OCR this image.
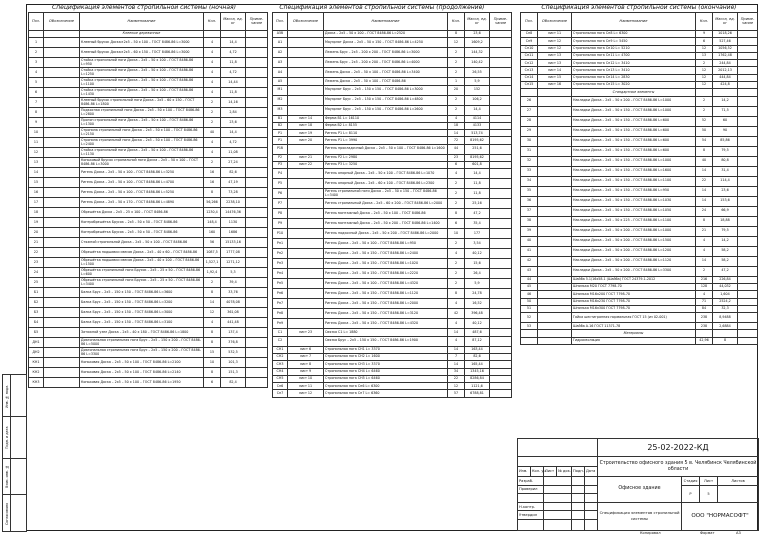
Спецификация элементов стропильной системы (ночная)	Спецификация элементов стропильной системы (продолжение)	Спецификация элементов стропильной системы (окончание)
Поз.	Обозначение	Наименование	Кол.	Масса, ед. кг	Приме-чание
		Клееные деревянные			
1		Клееный брусок Доска×2х5 – 50 х 100 – ГОСТ 8486-86 L=3000	4	14,4	
2		Клееный брусок Доска×2х5 – 60 х 150 – ГОСТ 8486-86 L=3000	4	4,72	
3		Стойка стропильной ноги Доска – 2х5 – 50 х 100 – ГОСТ 8486-86 L=950	4	11,8	
4		Стойка стропильной ноги Доска – 2х5 – 50 х 100 – ГОСТ 8486-86 L=1250	4	4,72	
5		Стойка стропильной ноги Доска – 2х5 – 50 х 100 – ГОСТ 8486-86 L=1100	4	14,44	
6		Стойка стропильной ноги Доска – 2х5 – 50 х 100 – ГОСТ 8486-86 L=1430	4	11,8	
7		Клееный брусок стропильной ноги Доска – 2х5 – 60 х 150 – ГОСТ 8486-86 L=1800	2	14,16	
8		Подкосная стропильной ноги Доска – 2х5 – 50 х 100 – ГОСТ 8486-86 L=2800	2	2,84	
9		Прогон стропильной ноги Доска – 2х5 – 50 х 100 – ГОСТ 8486-86 L=1300	2	23,6	
10		Стропила стропильной ноги Доска – 2х5 – 50 х 100 – ГОСТ 8486-86 L=2150	40	14,4	
11		Стропила стропильной ноги Доска – 2х5 – 50 х 100 – ГОСТ 8486-86 L=2400	4	4,72	
12		Стойка стропильной ноги Доска – 2х5 – 50 х 100 – ГОСТ 8486-86 L=1130	4	11,08	
13		Коньковый брусок стропильной ноги Доска – 2х5 – 50 х 100 – ГОСТ 8486-86 L=3000	2	27,24	
14		Ригель Доска – 2х5 – 50 х 100 – ГОСТ 8486-86 L=3250	16	82,6	
15		Ригель Доска – 2х5 – 50 х 100 – ГОСТ 8486-86 L=4700	16	47,19	
16		Ригель Доска – 2х5 – 50 х 100 – ГОСТ 8486-86 L=5250	8	73,28	
17		Ригель Доска – 2х5 – 50 х 170 – ГОСТ 8486-86 L=4890	56,266	2238,10	
18		Обрешётка Доска – 2х5 – 25 х 100 – ГОСТ 8486-86	1230,4	14476,36	
19		Контробрешётка Брусок – 2х5 – 50 х 50 – ГОСТ 8486-86	148,4	1130	
20		Контробрешётка Брусок – 2х5 – 50 х 50 – ГОСТ 8486-86	160	1686	
21		Стяжной стропильной Доска – 2х5 – 50 х 100 – ГОСТ 8486-86	56	15133,16	
22		Обрешётка подшивки свесов Доска – 2х5 – 40 х 60 – ГОСТ 8486-86	1087,5	1777,08	
23		Обрешётка подшивки свесов Доска – 2х5 – 40 х 100 – ГОСТ 8486-86 L=1500	1,527,1	1271,12	
24		Обрешётка стропильной ноги Брусок – 2х5 – 25 х 50 – ГОСТ 8486-86 L=600	1,92,4	5,3	
25		Обрешётка стропильной ноги Брусок – 2х5 – 25 х 50 – ГОСТ 8486-86 L=3400	2	39,4	
Б1		Балка Брус – 2х5 – 150 х 150 – ГОСТ 8486-86 L=3600	8	33,76	
Б2		Балка Брус – 2х5 – 150 х 150 – ГОСТ 8486-86 L=3200	14	4078,08	
Б3		Балка Брус – 2х5 – 150 х 150 – ГОСТ 8486-86 L=3000	12	361,08	
Б4		Балка Брус – 2х5 – 150 х 150 – ГОСТ 8486-86 L=3100	4	441,48	
Б5		Затяжной узел Доска – 2х5 – 40 х 180 – ГОСТ 8486-86 L=1800	8	137,4	
ДН1		Диагональная стропильная нога Брус – 2х5 – 150 х 200 – ГОСТ 8486-86 L=5000	8	376,8	
ДН2		Диагональная стропильная нога Брус – 2х5 – 150 х 200 – ГОСТ 8486-86 L=3300	15	532,5	
КН1		Коньковая Доска – 2х5 – 50 х 100 – ГОСТ 8486-86 L=2100	10	101,3	
КН2		Коньковая Доска – 2х5 – 50 х 100 – ГОСТ 8486-86 L=2140	8	151,3	
КН3		Коньковая Доска – 2х5 – 50 х 100 – ГОСТ 8486-86 L=1950	6	82,4	
Поз.	Обозначение	Наименование	Кол.	Масса, ед. кг	Приме-чание
А5б		Доска – 2х5 – 50 х 100 – ГОСТ 8486-86 L=2520	8	23,6	
А1		Мауэрлат Доска – 2х5 – 50 х 150 – ГОСТ 8486-86 L=4250	12	1609,2	
А2		Лежень Брус – 2х5 – 200 х 200 – ГОСТ 8486-86 L=3000	2	144,32	
А3		Лежень Брус – 2х5 – 200 х 200 – ГОСТ 8486-86 L=4000	2	140,42	
А4		Лежень Доска – 2х5 – 50 х 100 – ГОСТ 8486-86 L=3400	2	26,55	
А5		Лежень Доска – 2х5 – 50 х 100 – ГОСТ 8486-86	1	5,9	
М1		Мауэрлат Брус – 2х5 – 150 х 150 – ГОСТ 8486-86 L=3000	20	152	
М2		Мауэрлат Брус – 2х5 – 150 х 150 – ГОСТ 8486-86 L=4800	2	106,2	
М3		Мауэрлат Брус – 2х5 – 150 х 150 – ГОСТ 8486-86 L=2600	2	14,4	
В1	лист 14	Ферма В1 L= 16110	4	4114	
В2	лист 18	Ферма В2 L= 8155	18	4133	
Р1	лист 19	Ригель Р1 L= 8110	14	513,74	
Р1	лист 20	Ригель Р1 L= 3990	72	8195,62	
Р1б		Ригель прокладочный Доска – 2х5 – 50 х 100 – ГОСТ 8486-86 L=1600	44	251,6	
Р2	лист 21	Ригель Р2 L= 2980	23	8195,62	
Р3	лист 22	Ригель Р3 L= 3250	6	601,8	
Р4		Ригель опорный Доска – 2х5 – 50 х 100 – ГОСТ 8486-86 L=1070	4	14,4	
Р5		Ригель опорный Доска – 2х5 – 60 х 100 – ГОСТ 8486-86 L=2300	2	11,8	
Р6		Ригель стропильной ноги Доска – 2х5 – 50 х 150 – ГОСТ 8486-86 L=3400	2	11,8	
Р7		Ригель стропильный Доска – 2х5 – 60 х 200 – ГОСТ 8486-86 L=2000	2	25,16	
Р8		Ригель монтажный Доска – 2х5 – 50 х 100 – ГОСТ 8486-86	8	47,2	
Р9		Ригель монтажный Доска – 2х5 – 50 х 200 – ГОСТ 8486-86 L=1400	6	35,4	
Р10		Ригель подкосный Доска – 2х5 – 50 х 200 – ГОСТ 8486-86 L=2000	10	177	
Рн1		Ригель Доска – 2х5 – 50 х 100 – ГОСТ 8486-86 L=950	2	3,54	
Рн2		Ригель Доска – 2х5 – 50 х 150 – ГОСТ 8486-86 L=2400	4	40,12	
Рн3		Ригель Доска – 2х5 – 50 х 150 – ГОСТ 8486-86 L=1020	2	15,6	
Рн4		Ригель Доска – 2х5 – 50 х 150 – ГОСТ 8486-86 L=2220	2	26,4	
Рн5		Ригель Доска – 2х5 – 50 х 100 – ГОСТ 8486-86 L=4320	2	5,9	
Рн6		Ригель Доска – 2х5 – 50 х 150 – ГОСТ 8486-86 L=1120	8	24,78	
Рн7		Ригель Доска – 2х5 – 50 х 150 – ГОСТ 8486-86 L=2000	4	16,52	
Рн8		Ригель Доска – 2х5 – 50 х 150 – ГОСТ 8486-86 L=3120	42	396,48	
Рн9		Ригель Доска – 2х5 – 50 х 150 – ГОСТ 8486-86 L=4320	4	40,12	
С1	лист 23	Связка С1 L= 1880	14	487,6	
С2		Связка Брус – 2х5 – 150 х 150 – ГОСТ 8486-86 L=1900	4	87,12	
СН1	лист 6	Стропильная нога СН1 L= 3370	14	163,44	
СН2	лист 7	Стропильная нога СН2 L= 1600	7	82,6	
СН3	лист 8	Стропильная нога СН3 L= 3370	14	165,44	
СН4	лист 9	Стропильная нога СН4 L= 6460	34	1345,16	
СН5	лист 10	Стропильная нога СН5 L= 6460	22	8286,84	
Сн6	лист 11	Стропильная нога Сн6 L= 6300	12	1121,6	
Сн7	лист 12	Стропильная нога Сн7 L= 6360	57	6788,81	
Поз.	Обозначение	Наименование	Кол.	Масса, ед. кг	Приме-чание
Сн8	лист 11	Стропильная нога Сн8 L= 6300	9	1018,26	
Сн9	лист 12	Стропильная нога Сн9 L= 5450	6	527,46	
Сн10	лист 12	Стропильная нога Сн10 L= 5210	12	1056,52	
Сн11	лист 13	Стропильная нога Сн11 L= 4700	13	1762,48	
Сн12	лист 13	Стропильная нога Сн12 L= 3410	2	244,84	
Сн13	лист 14	Стропильная нога Сн13 L= 3410	12	2012,13	
Сн14	лист 15	Стропильная нога Сн14 L= 2830	12	444,84	
Сн15	лист 16	Стропильная нога Сн15 L= 3020	12	424,8	
		Стандартные элементы			
26		Накладки Доска – 2х5 – 50 х 200 – ГОСТ 8486-86 L=1000	2	14,2	
27		Накладки Доска – 2х5 – 50 х 150 – ГОСТ 8486-86 L=1000	2	71,5	
28		Накладки Доска – 2х5 – 50 х 150 – ГОСТ 8486-86 L=600	52	60	
29		Накладки Доска – 2х5 – 50 х 150 – ГОСТ 8486-86 L=600	50	90	
30		Накладки Доска – 2х5 – 50 х 150 – ГОСТ 8486-86 L=600	54	85,86	
31		Накладки Доска – 2х5 – 50 х 150 – ГОСТ 8486-86 L=600	8	79,5	
32		Накладки Доска – 2х5 – 50 х 150 – ГОСТ 8486-86 L=1000	40	80,8	
33		Накладки Доска – 2х5 – 50 х 150 – ГОСТ 8486-86 L=1600	14	31,4	
34		Накладки Доска – 2х5 – 50 х 150 – ГОСТ 8486-86 L=1100	22	114,4	
35		Накладки Доска – 2х5 – 50 х 150 – ГОСТ 8486-86 L=950	14	23,6	
36		Накладки Доска – 2х5 – 50 х 150 – ГОСТ 8486-86 L=1030	14	153,6	
37		Накладки Доска – 2х5 – 50 х 150 – ГОСТ 8486-86 L=1050	24	66,9	
38		Накладки Доска – 2х5 – 50 х 225 – ГОСТ 8486-86 L=1100	8	18,88	
39		Накладки Доска – 2х5 – 50 х 200 – ГОСТ 8486-86 L=1000	21	79,5	
40		Накладки Доска – 2х5 – 50 х 200 – ГОСТ 8486-86 L=1500	4	14,2	
41		Накладки Доска – 2х5 – 50 х 200 – ГОСТ 8486-86 L=1200	4	58,2	
42		Накладки Доска – 2х5 – 50 х 200 – ГОСТ 8486-86 L=1120	14	58,2	
43		Накладки Доска – 2х5 – 50 х 200 – ГОСТ 8486-86 L=3300	2	47,2	
44		Шайба 5.1/16х58.1 (Шайба) ГОСТ 24379.1-2012	216	226,84	
45		Шпилька М20 ГОСТ 7798-70	128	44,032	
46		Шпилька М16х200 ГОСТ 7798-70	4	1,604	
50		Шпилька М16х230 ГОСТ 7798-70	71	2524,2	
51		Шпилька М16х300 ГОСТ 7798-70	84	32,3	
52		Гайка шестигранная нормальная ГОСТ 15 (из 02-001)	238	8,9488	
53		Шайба А.16 ГОСТ 11371-78	238	2,6884	
		Материалы			
		Гидроизоляция	42,96	8	
Инв. № подл.	
Подп. и дата	
Взам. инв. №	
Согласовано	
						25-02-2022-КД			
						Строительство офисного здания 5 в. Челябинск Челябинской области			
Изм.	Кол. уч.	Лист	№ док.	Подп.	Дата				
Разраб.						Офисное здание	Стадия	Лист	Листов
Проверил							Р	5	

Н.контр.						Спецификация элементов стропильной системы	ООО "НОРМАСОФТ"		
Утвердил									

Копировал	Формат	А3
